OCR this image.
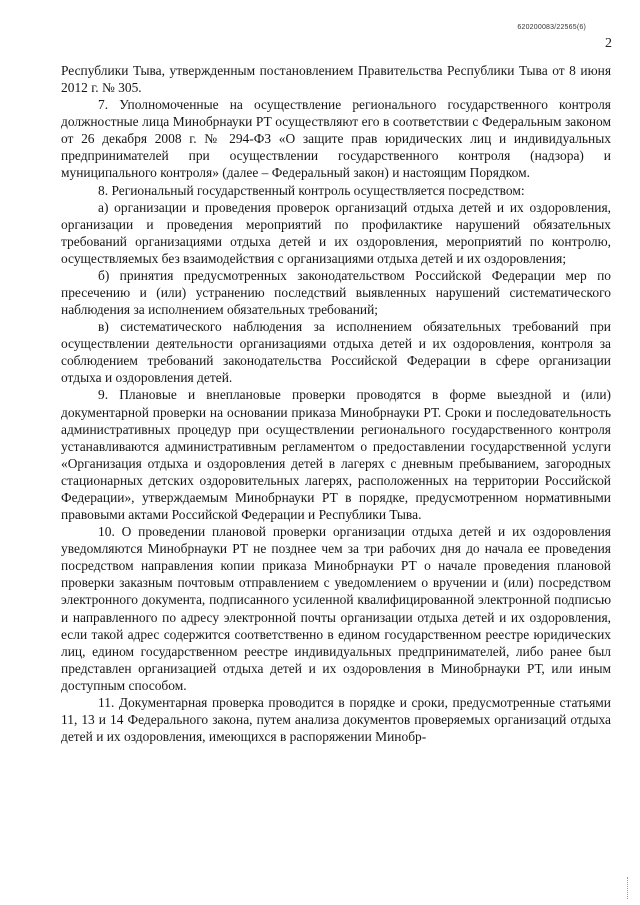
620200083/22565(6)
2

Республики Тыва, утвержденным постановлением Правительства Республики Тыва от 8 июня 2012 г. № 305.

7. Уполномоченные на осуществление регионального государственного контроля должностные лица Минобрнауки РТ осуществляют его в соответствии с Федеральным законом от 26 декабря 2008 г. № 294-ФЗ «О защите прав юридических лиц и индивидуальных предпринимателей при осуществлении государственного контроля (надзора) и муниципального контроля» (далее – Федеральный закон) и настоящим Порядком.

8. Региональный государственный контроль осуществляется посредством:

а) организации и проведения проверок организаций отдыха детей и их оздоровления, организации и проведения мероприятий по профилактике нарушений обязательных требований организациями отдыха детей и их оздоровления, мероприятий по контролю, осуществляемых без взаимодействия с организациями отдыха детей и их оздоровления;

б) принятия предусмотренных законодательством Российской Федерации мер по пресечению и (или) устранению последствий выявленных нарушений систематического наблюдения за исполнением обязательных требований;

в) систематического наблюдения за исполнением обязательных требований при осуществлении деятельности организациями отдыха детей и их оздоровления, контроля за соблюдением требований законодательства Российской Федерации в сфере организации отдыха и оздоровления детей.

9. Плановые и внеплановые проверки проводятся в форме выездной и (или) документарной проверки на основании приказа Минобрнауки РТ. Сроки и последовательность административных процедур при осуществлении регионального государственного контроля устанавливаются административным регламентом о предоставлении государственной услуги «Организация отдыха и оздоровления детей в лагерях с дневным пребыванием, загородных стационарных детских оздоровительных лагерях, расположенных на территории Российской Федерации», утверждаемым Минобрнауки РТ в порядке, предусмотренном нормативными правовыми актами Российской Федерации и Республики Тыва.

10. О проведении плановой проверки организации отдыха детей и их оздоровления уведомляются Минобрнауки РТ не позднее чем за три рабочих дня до начала ее проведения посредством направления копии приказа Минобрнауки РТ о начале проведения плановой проверки заказным почтовым отправлением с уведомлением о вручении и (или) посредством электронного документа, подписанного усиленной квалифицированной электронной подписью и направленного по адресу электронной почты организации отдыха детей и их оздоровления, если такой адрес содержится соответственно в едином государственном реестре юридических лиц, едином государственном реестре индивидуальных предпринимателей, либо ранее был представлен организацией отдыха детей и их оздоровления в Минобрнауки РТ, или иным доступным способом.

11. Документарная проверка проводится в порядке и сроки, предусмотренные статьями 11, 13 и 14 Федерального закона, путем анализа документов проверяемых организаций отдыха детей и их оздоровления, имеющихся в распоряжении Минобр-
